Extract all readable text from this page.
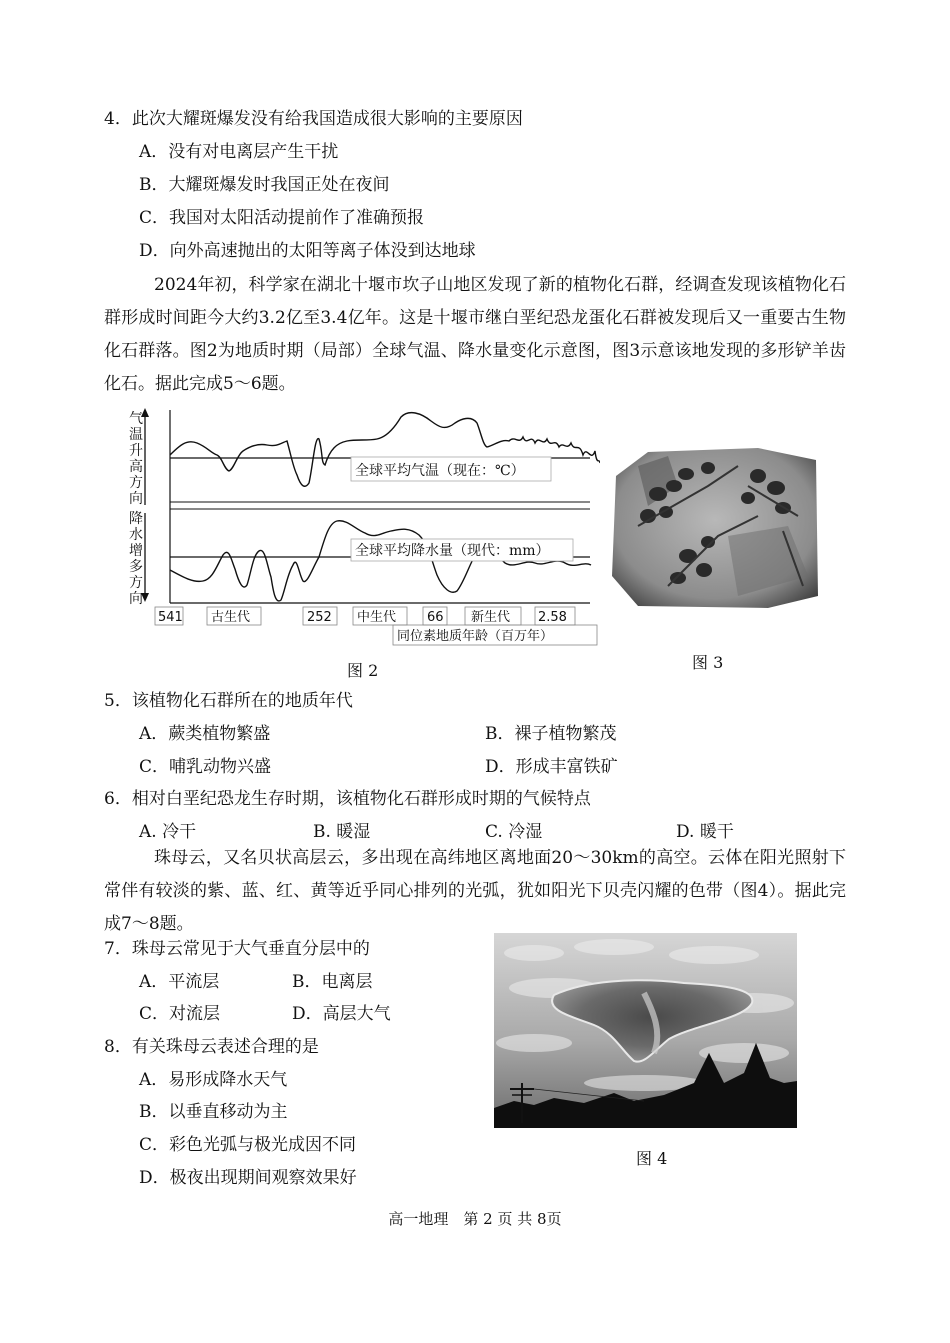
4．此次大耀斑爆发没有给我国造成很大影响的主要原因
A．没有对电离层产生干扰
B．大耀斑爆发时我国正处在夜间
C．我国对太阳活动提前作了准确预报
D．向外高速抛出的太阳等离子体没到达地球
2024年初，科学家在湖北十堰市坎子山地区发现了新的植物化石群，经调查发现该植物化石群形成时间距今大约3.2亿至3.4亿年。这是十堰市继白垩纪恐龙蛋化石群被发现后又一重要古生物化石群落。图2为地质时期（局部）全球气温、降水量变化示意图，图3示意该地发现的多形铲羊齿化石。据此完成5～6题。
气
温
升
高
方
向
降
水
增
多
方
向
全球平均气温（现在：℃）
全球平均降水量（现代：mm）
541 古生代	252 中生代 66 新生代 2.58
同位素地质年龄（百万年）
图 2	图 3
5．该植物化石群所在的地质年代
A．蕨类植物繁盛	B．裸子植物繁茂
C．哺乳动物兴盛	D．形成丰富铁矿
6．相对白垩纪恐龙生存时期，该植物化石群形成时期的气候特点
A. 冷干	B. 暖湿	C. 冷湿	D. 暖干
珠母云，又名贝状高层云，多出现在高纬地区离地面20～30km的高空。云体在阳光照射下常伴有较淡的紫、蓝、红、黄等近乎同心排列的光弧，犹如阳光下贝壳闪耀的色带（图4）。据此完成7～8题。
7．珠母云常见于大气垂直分层中的
A．平流层	B．电离层
C．对流层	D．高层大气
8．有关珠母云表述合理的是
A．易形成降水天气
B．以垂直移动为主
C．彩色光弧与极光成因不同
D．极夜出现期间观察效果好
图 4
高一地理　第 2 页 共 8页
